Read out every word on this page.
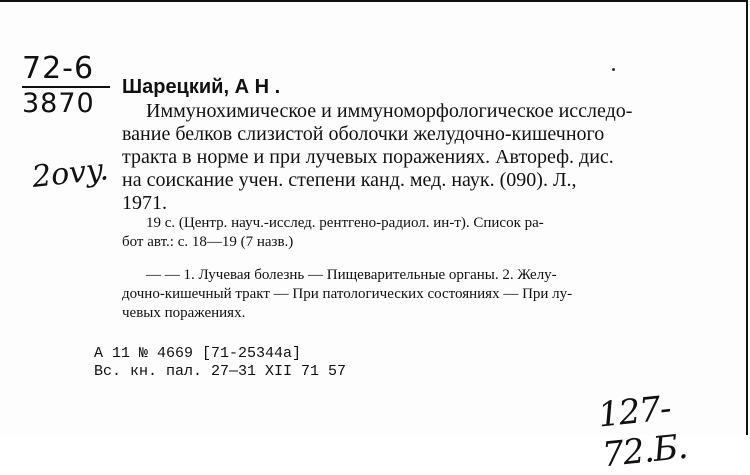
72-6
3870
2ovy.
Шарецкий, А Н .
Иммунохимическое и иммуноморфологическое исследо-
вание белков слизистой оболочки желудочно-кишечного
тракта в норме и при лучевых поражениях. Автореф. дис.
на соискание учен. степени канд. мед. наук. (090). Л.,
1971.
19 с. (Центр. науч.-исслед. рентгено-радиол. ин-т). Список ра-
бот авт.: с. 18—19 (7 назв.)
— — 1. Лучевая болезнь — Пищеварительные органы. 2. Желу-
дочно-кишечный тракт — При патологических состояниях — При лу-
чевых поражениях.
А 11 № 4669 [71-25344а]
Вс. кн. пал. 27—31 XII 71 57
127-72.Б.
